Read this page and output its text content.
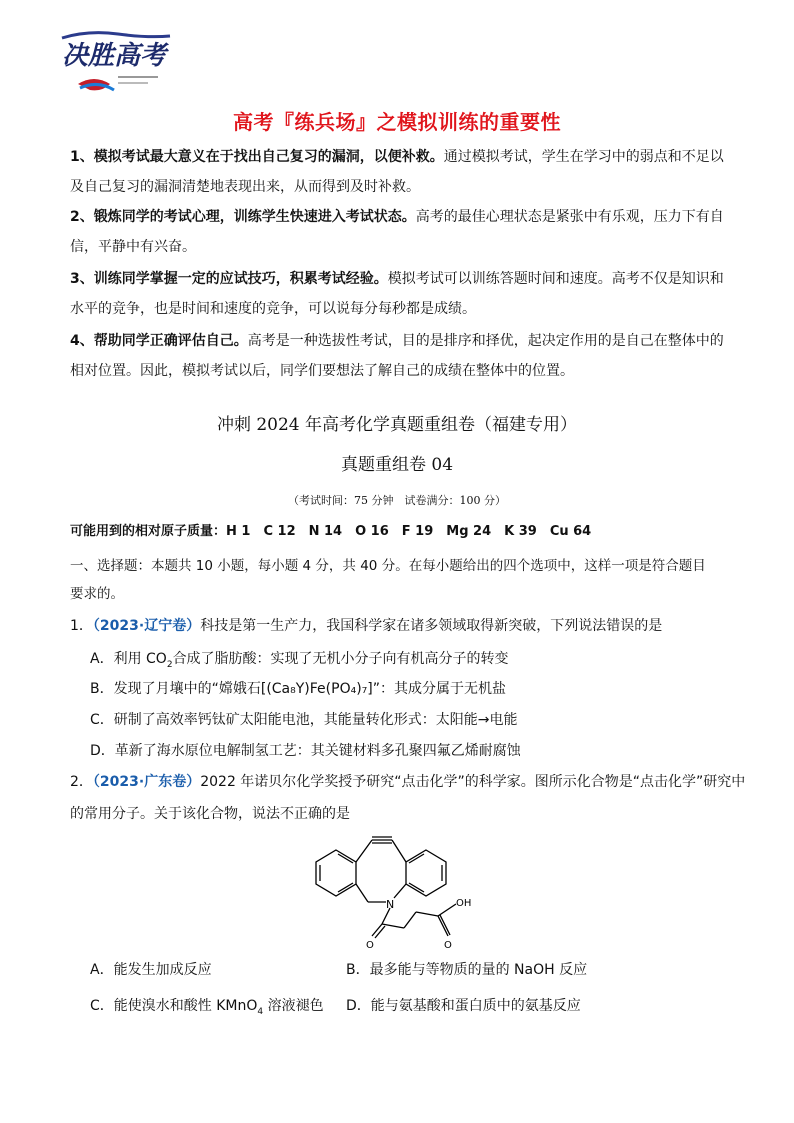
决胜高考
高考『练兵场』之模拟训练的重要性
1、模拟考试最大意义在于找出自己复习的漏洞，以便补救。通过模拟考试，学生在学习中的弱点和不足以及自己复习的漏洞清楚地表现出来，从而得到及时补救。
2、锻炼同学的考试心理，训练学生快速进入考试状态。高考的最佳心理状态是紧张中有乐观，压力下有自信，平静中有兴奋。
3、训练同学掌握一定的应试技巧，积累考试经验。模拟考试可以训练答题时间和速度。高考不仅是知识和水平的竞争，也是时间和速度的竞争，可以说每分每秒都是成绩。
4、帮助同学正确评估自己。高考是一种选拔性考试，目的是排序和择优，起决定作用的是自己在整体中的相对位置。因此，模拟考试以后，同学们要想法了解自己的成绩在整体中的位置。
冲刺 2024 年高考化学真题重组卷（福建专用）
真题重组卷 04
（考试时间：75 分钟　试卷满分：100 分）
可能用到的相对原子质量：H 1　C 12　N 14　O 16　F 19　Mg 24　K 39　Cu 64
一、选择题：本题共 10 小题，每小题 4 分，共 40 分。在每小题给出的四个选项中，这样一项是符合题目
要求的。
1．（2023·辽宁卷）科技是第一生产力，我国科学家在诸多领域取得新突破，下列说法错误的是
A．利用 $CO_2$合成了脂肪酸：实现了无机小分子向有机高分子的转变
B．发现了月壤中的“嫦娥石[(Ca₈Y)Fe(PO₄)₇]”：其成分属于无机盐
C．研制了高效率钙钛矿太阳能电池，其能量转化形式：太阳能→电能
D．革新了海水原位电解制氢工艺：其关键材料多孔聚四氟乙烯耐腐蚀
2．（2023·广东卷）2022 年诺贝尔化学奖授予研究“点击化学”的科学家。图所示化合物是“点击化学”研究中
的常用分子。关于该化合物，说法不正确的是
N
O	O
OH
A．能发生加成反应	B．最多能与等物质的量的 NaOH 反应
C．能使溴水和酸性 KMnO$_4$ 溶液褪色 D．能与氨基酸和蛋白质中的氨基反应
